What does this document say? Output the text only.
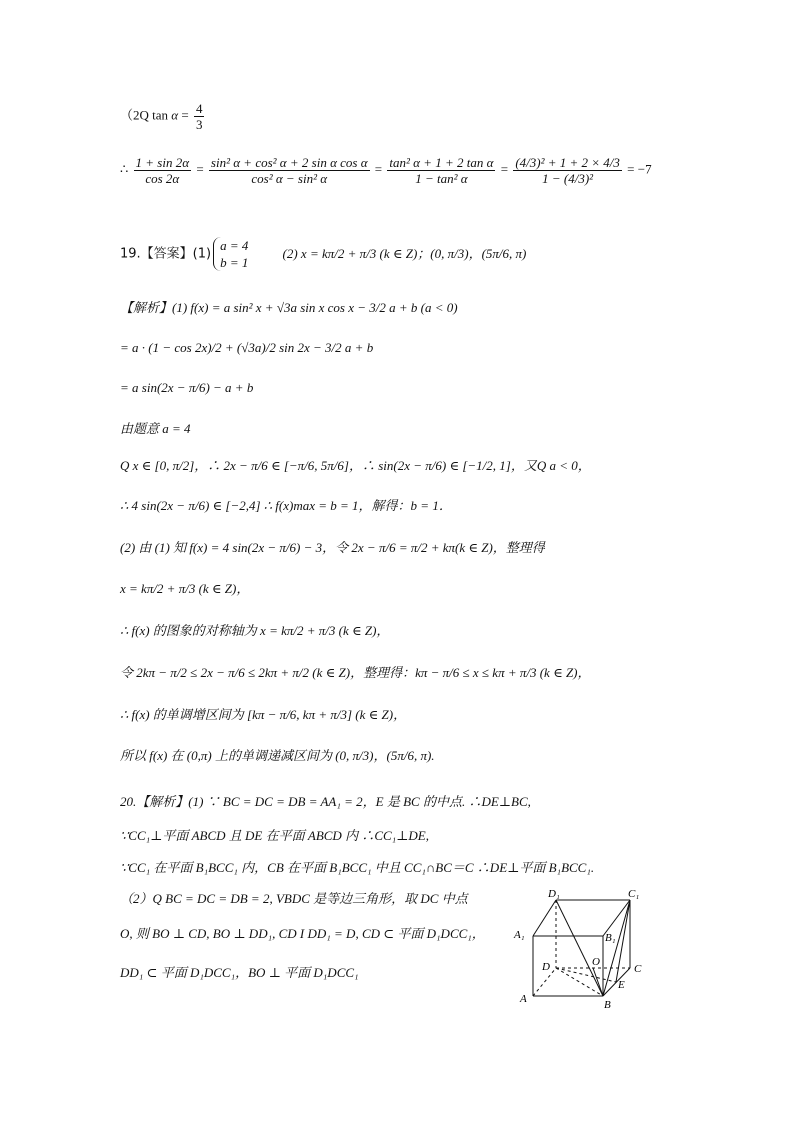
（2Q $\tan \alpha = \frac{4}{3}$
∴ $\frac{1 + \sin 2\alpha}{\cos 2\alpha} = \frac{\text{sin² α + cos² α + 2 sin α cos α}}{\text{cos² α − sin² α}} = \frac{\text{tan² α + 1 + 2 tan α}}{\text{1 − tan² α}} = \frac{\text{(4/3)² + 1 + 2 × 4/3}}{\text{1 − (4/3)²}} = -7$
19.【答案】(1)
a = 4
b = 1
(2) x = kπ/2 + π/3 (k ∈ Z)；(0, π/3)，(5π/6, π)
【解析】(1) f(x) = a sin² x + √3a sin x cos x − 3/2 a + b (a < 0)
= a · (1 − cos 2x)/2 + (√3a)/2 sin 2x − 3/2 a + b
= a sin(2x − π/6) − a + b
由题意 a = 4
Q x ∈ [0, π/2]，∴ 2x − π/6 ∈ [−π/6, 5π/6]，∴ sin(2x − π/6) ∈ [−1/2, 1]，又Q a < 0，
∴ 4 sin(2x − π/6) ∈ [−2,4] ∴ f(x)max = b = 1，解得：b = 1．
(2) 由 (1) 知 f(x) = 4 sin(2x − π/6) − 3，令 2x − π/6 = π/2 + kπ(k ∈ Z)，整理得
x = kπ/2 + π/3 (k ∈ Z)，
∴ f(x) 的图象的对称轴为 x = kπ/2 + π/3 (k ∈ Z)，
令 2kπ − π/2 ≤ 2x − π/6 ≤ 2kπ + π/2 (k ∈ Z)，整理得：kπ − π/6 ≤ x ≤ kπ + π/3 (k ∈ Z)，
∴ f(x) 的单调增区间为 [kπ − π/6, kπ + π/3] (k ∈ Z)，
所以 f(x) 在 (0,π) 上的单调递减区间为 (0, π/3)，(5π/6, π).
20.【解析】(1) ∵ BC = DC = DB = AA₁ = 2，E 是 BC 的中点. ∴DE⊥BC,
∵CC₁⊥平面 ABCD 且 DE 在平面 ABCD 内 ∴CC₁⊥DE,
∵CC₁ 在平面 B₁BCC₁ 内，CB 在平面 B₁BCC₁ 中且 CC₁∩BC＝C ∴DE⊥平面 B₁BCC₁.
（2）Q BC = DC = DB = 2, VBDC 是等边三角形，取 DC 中点
O, 则 BO ⊥ CD, BO ⊥ DD₁, CD I DD₁ = D, CD ⊂ 平面 D₁DCC₁，
DD₁ ⊂ 平面 D₁DCC₁，BO ⊥ 平面 D₁DCC₁
D₁	C₁
A₁	B₁
D	O
C
E
A	B
